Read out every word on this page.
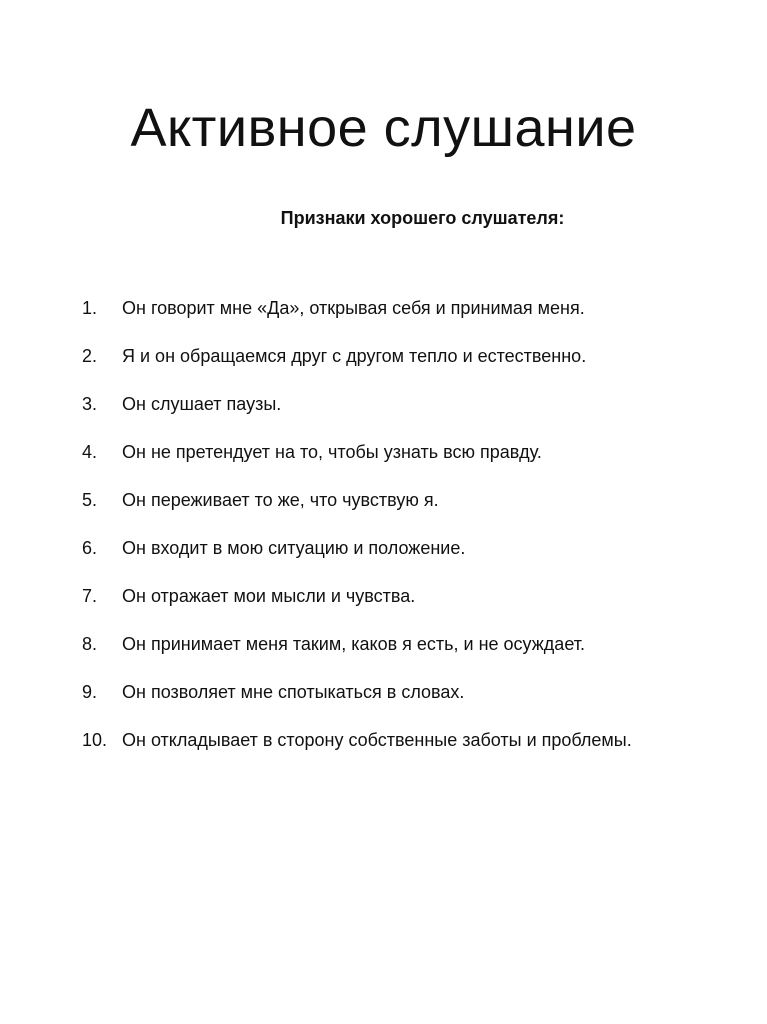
Активное слушание
Признаки хорошего слушателя:
1.	Он говорит мне «Да», открывая себя и принимая меня.
2.	Я и он обращаемся друг с другом тепло и естественно.
3.	Он слушает паузы.
4.	Он не претендует на то, чтобы узнать всю правду.
5.	Он переживает то же, что чувствую я.
6.	Он входит в мою ситуацию и положение.
7.	Он отражает мои мысли и чувства.
8.	Он принимает меня таким, каков я есть, и не осуждает.
9.	Он позволяет мне спотыкаться в словах.
10. Он откладывает в сторону собственные заботы и проблемы.
